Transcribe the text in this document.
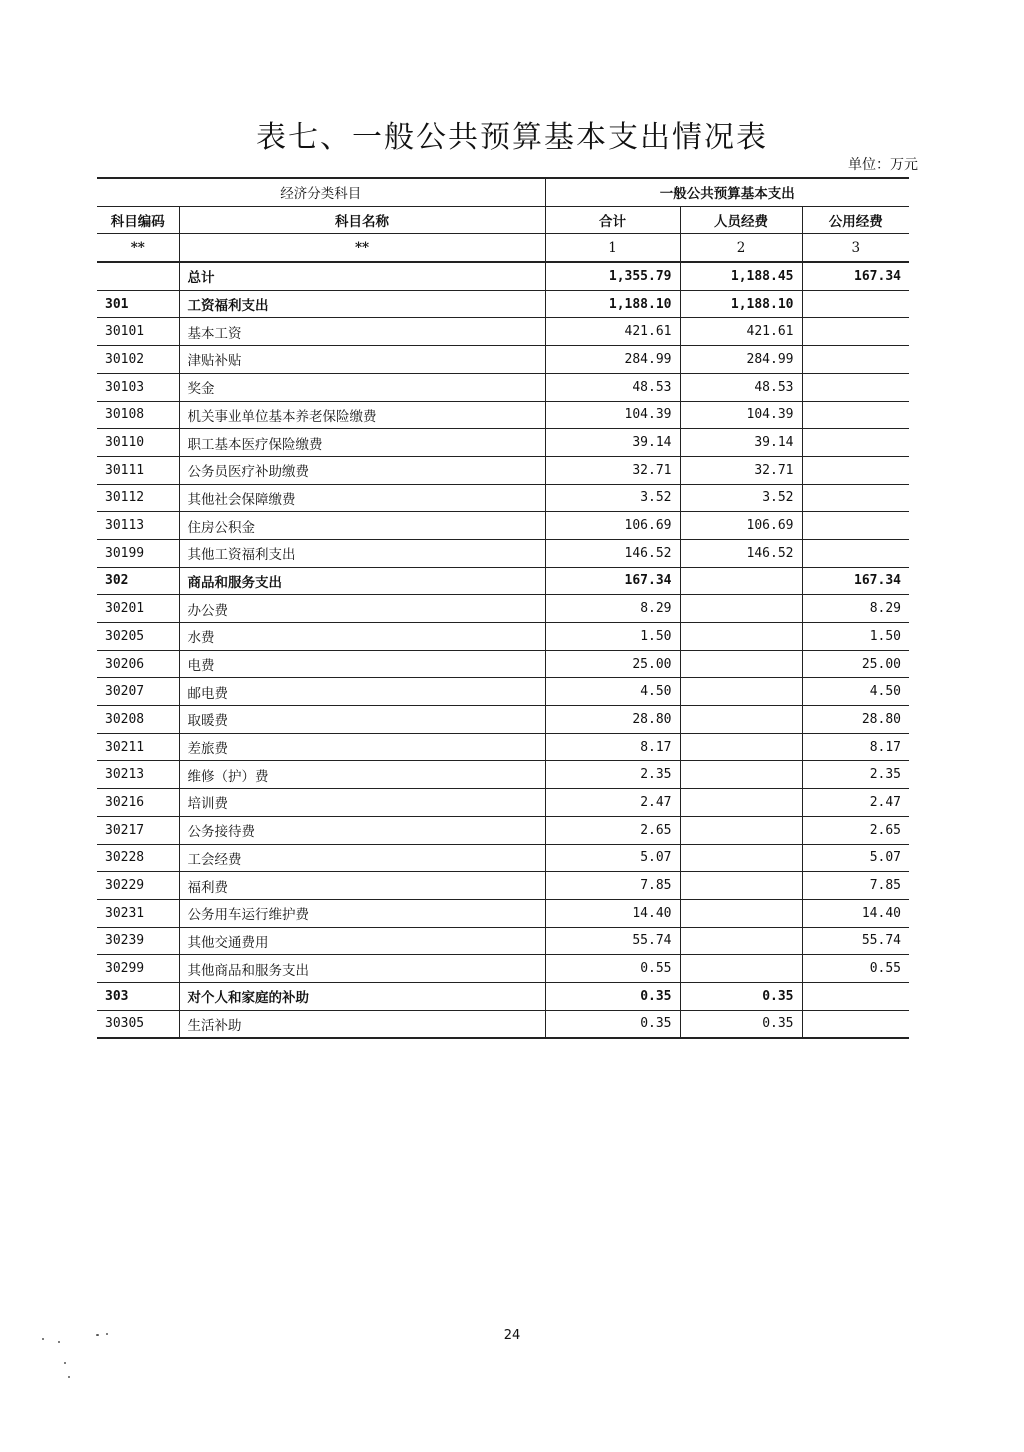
表七、一般公共预算基本支出情况表
单位：万元
经济分类科目		一般公共预算基本支出		
科目编码	科目名称	合计	人员经费	公用经费
**	**	1	2	3
	总计	1,355.79	1,188.45	167.34
301	工资福利支出	1,188.10	1,188.10	
30101	基本工资	421.61	421.61	
30102	津贴补贴	284.99	284.99	
30103	奖金	48.53	48.53	
30108	机关事业单位基本养老保险缴费	104.39	104.39	
30110	职工基本医疗保险缴费	39.14	39.14	
30111	公务员医疗补助缴费	32.71	32.71	
30112	其他社会保障缴费	3.52	3.52	
30113	住房公积金	106.69	106.69	
30199	其他工资福利支出	146.52	146.52	
302	商品和服务支出	167.34		167.34
30201	办公费	8.29		8.29
30205	水费	1.50		1.50
30206	电费	25.00		25.00
30207	邮电费	4.50		4.50
30208	取暖费	28.80		28.80
30211	差旅费	8.17		8.17
30213	维修（护）费	2.35		2.35
30216	培训费	2.47		2.47
30217	公务接待费	2.65		2.65
30228	工会经费	5.07		5.07
30229	福利费	7.85		7.85
30231	公务用车运行维护费	14.40		14.40
30239	其他交通费用	55.74		55.74
30299	其他商品和服务支出	0.55		0.55
303	对个人和家庭的补助	0.35	0.35	
30305	生活补助	0.35	0.35	
24
